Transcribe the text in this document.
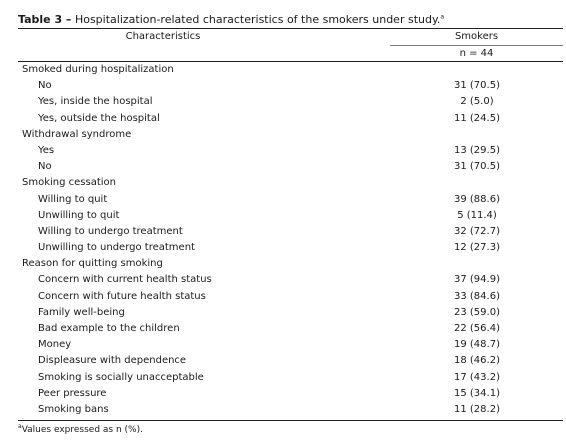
Table 3 – Hospitalization-related characteristics of the smokers under study.$^a$

Characteristics	Smokers
n = 44
Smoked during hospitalization
No	31 (70.5)
Yes, inside the hospital	2 (5.0)
Yes, outside the hospital	11 (24.5)
Withdrawal syndrome
Yes	13 (29.5)
No	31 (70.5)
Smoking cessation
Willing to quit	39 (88.6)
Unwilling to quit	5 (11.4)
Willing to undergo treatment	32 (72.7)
Unwilling to undergo treatment	12 (27.3)
Reason for quitting smoking
Concern with current health status	37 (94.9)
Concern with future health status	33 (84.6)
Family well-being	23 (59.0)
Bad example to the children	22 (56.4)
Money	19 (48.7)
Displeasure with dependence	18 (46.2)
Smoking is socially unacceptable	17 (43.2)
Peer pressure	15 (34.1)
Smoking bans	11 (28.2)
$^a$Values expressed as n (%).
